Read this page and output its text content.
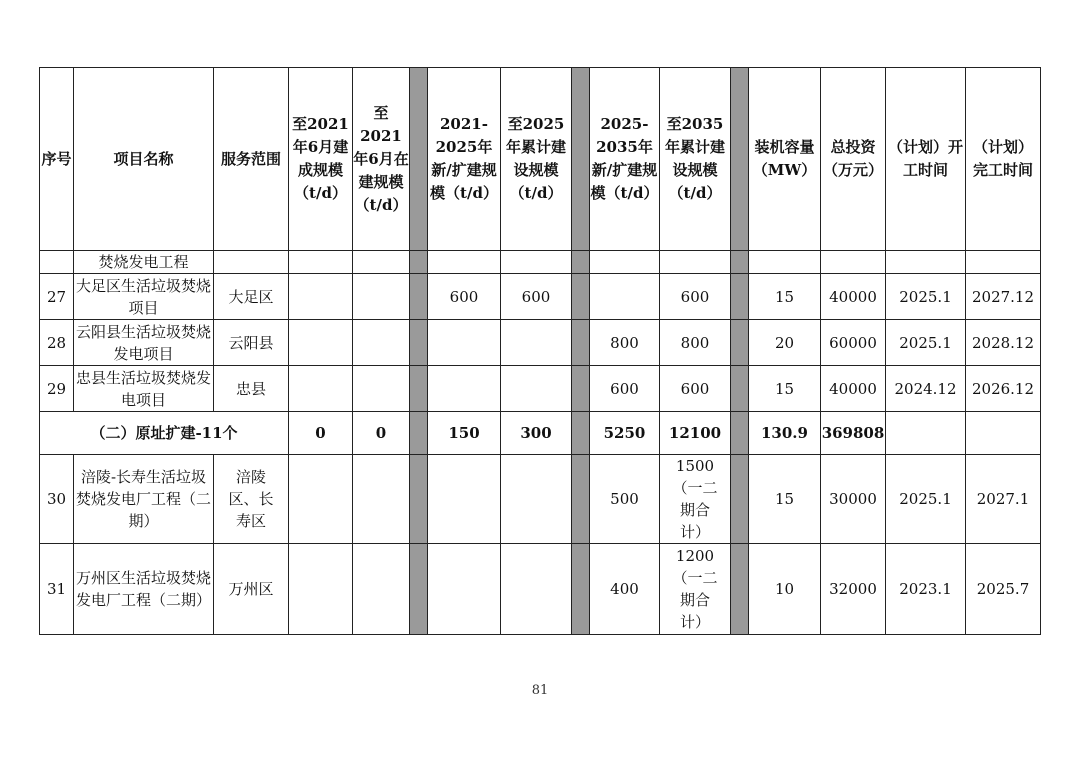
序号	项目名称	服务范围	至2021年6月建成规模（t/d）	至2021年6月在建规模（t/d）		2021-2025年新/扩建规模（t/d）	至2025年累计建设规模（t/d）		2025-2035年新/扩建规模（t/d）	至2035年累计建设规模（t/d）		装机容量（MW）	总投资（万元）	（计划）开工时间	（计划）完工时间
	焚烧发电工程														
27	大足区生活垃圾焚烧项目	大足区				600	600			600		15	40000	2025.1	2027.12
28	云阳县生活垃圾焚烧发电项目	云阳县							800	800		20	60000	2025.1	2028.12
29	忠县生活垃圾焚烧发电项目	忠县							600	600		15	40000	2024.12	2026.12
（二）原址扩建-11个			0	0		150	300		5250	12100		130.9	369808		
30	涪陵-长寿生活垃圾焚烧发电厂工程（二期）	涪陵区、长寿区							500	1500（一二期合计）		15	30000	2025.1	2027.1
31	万州区生活垃圾焚烧发电厂工程（二期）	万州区							400	1200（一二期合计）		10	32000	2023.1	2025.7
81
